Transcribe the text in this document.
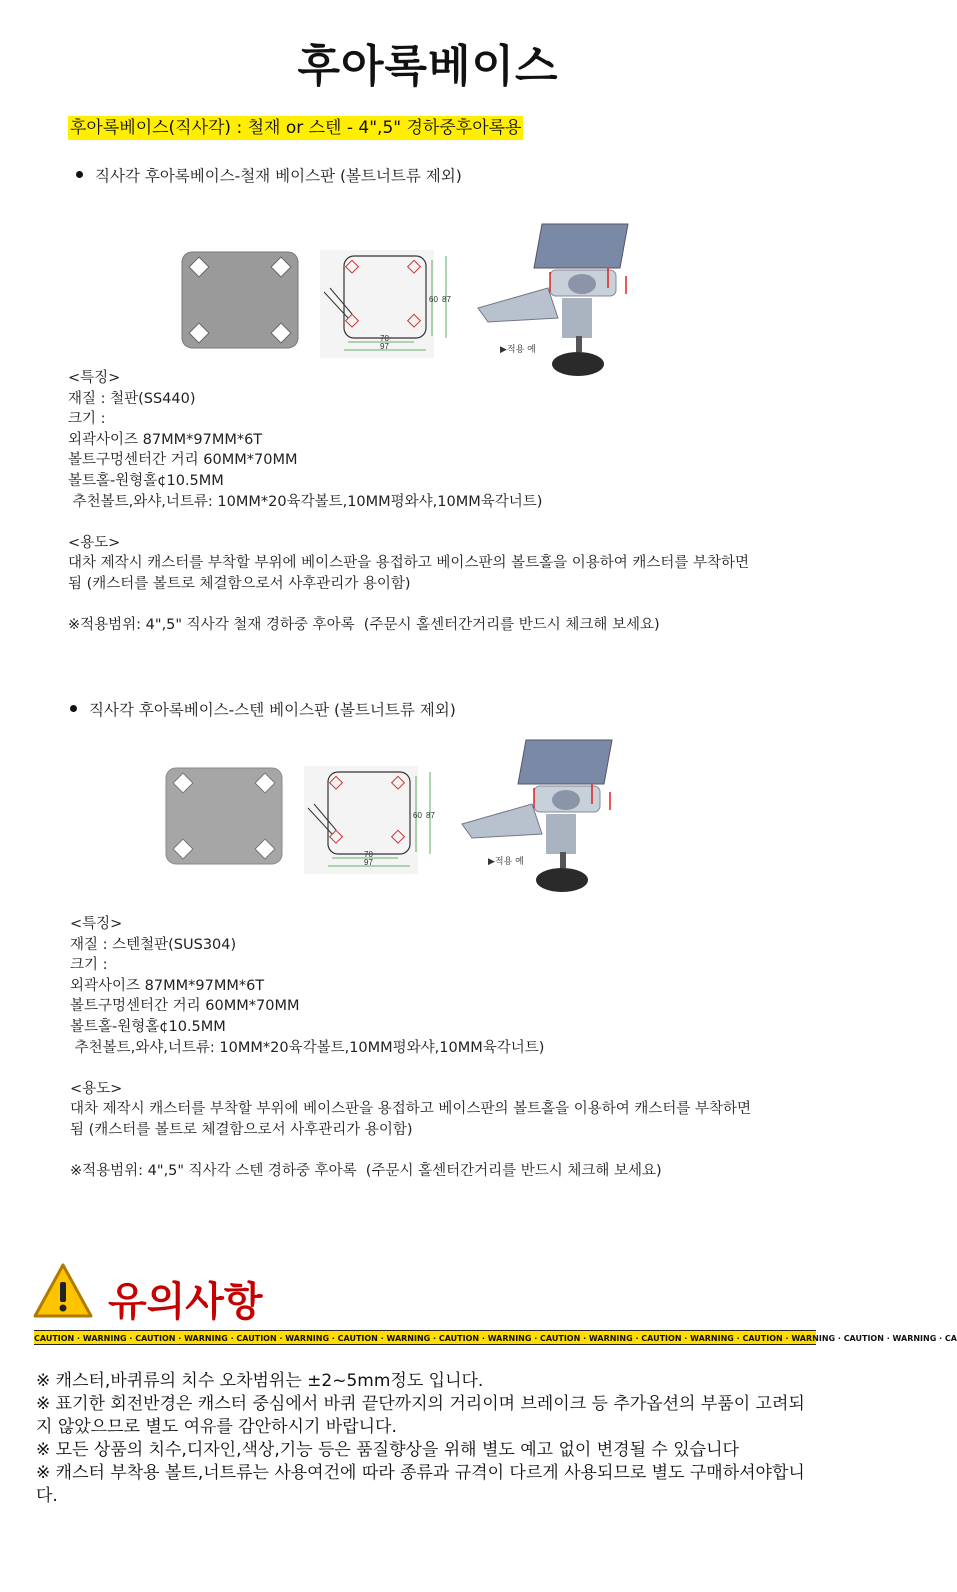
후아록베이스
후아록베이스(직사각) : 철재 or 스텐 - 4",5" 경하중후아록용
직사각 후아록베이스-철재 베이스판 (볼트너트류 제외)
60 87
70
97	▶적용 예
<특징>
재질 : 철판(SS440)
크기 :
외곽사이즈 87MM*97MM*6T
볼트구멍센터간 거리 60MM*70MM
볼트홀-원형홀¢10.5MM
추천볼트,와샤,너트류: 10MM*20육각볼트,10MM평와샤,10MM육각너트)
<용도>
대차 제작시 캐스터를 부착할 부위에 베이스판을 용접하고 베이스판의 볼트홀을 이용하여 캐스터를 부착하면
됨 (캐스터를 볼트로 체결함으로서 사후관리가 용이함)
※적용범위: 4",5" 직사각 철재 경하중 후아록  (주문시 홀센터간거리를 반드시 체크해 보세요)
직사각 후아록베이스-스텐 베이스판 (볼트너트류 제외)
60 87
70
97	▶적용 예
<특징>
재질 : 스텐철판(SUS304)
크기 :
외곽사이즈 87MM*97MM*6T
볼트구멍센터간 거리 60MM*70MM
볼트홀-원형홀¢10.5MM
추천볼트,와샤,너트류: 10MM*20육각볼트,10MM평와샤,10MM육각너트)
<용도>
대차 제작시 캐스터를 부착할 부위에 베이스판을 용접하고 베이스판의 볼트홀을 이용하여 캐스터를 부착하면
됨 (캐스터를 볼트로 체결함으로서 사후관리가 용이함)
※적용범위: 4",5" 직사각 스텐 경하중 후아록  (주문시 홀센터간거리를 반드시 체크해 보세요)
유의사항
CAUTION · WARNING · CAUTION · WARNING · CAUTION · WARNING · CAUTION · WARNING · CAUTION · WARNING · CAUTION · WARNING · CAUTION · WARNING · CAUTION · WARNING · CAUTION · WARNING · CA
※ 캐스터,바퀴류의 치수 오차범위는 ±2~5mm정도 입니다.
※ 표기한 회전반경은 캐스터 중심에서 바퀴 끝단까지의 거리이며 브레이크 등 추가옵션의 부품이 고려되지 않았으므로 별도 여유를 감안하시기 바랍니다.
※ 모든 상품의 치수,디자인,색상,기능 등은 품질향상을 위해 별도 예고 없이 변경될 수 있습니다
※ 캐스터 부착용 볼트,너트류는 사용여건에 따라 종류과 규격이 다르게 사용되므로 별도 구매하셔야합니다.
